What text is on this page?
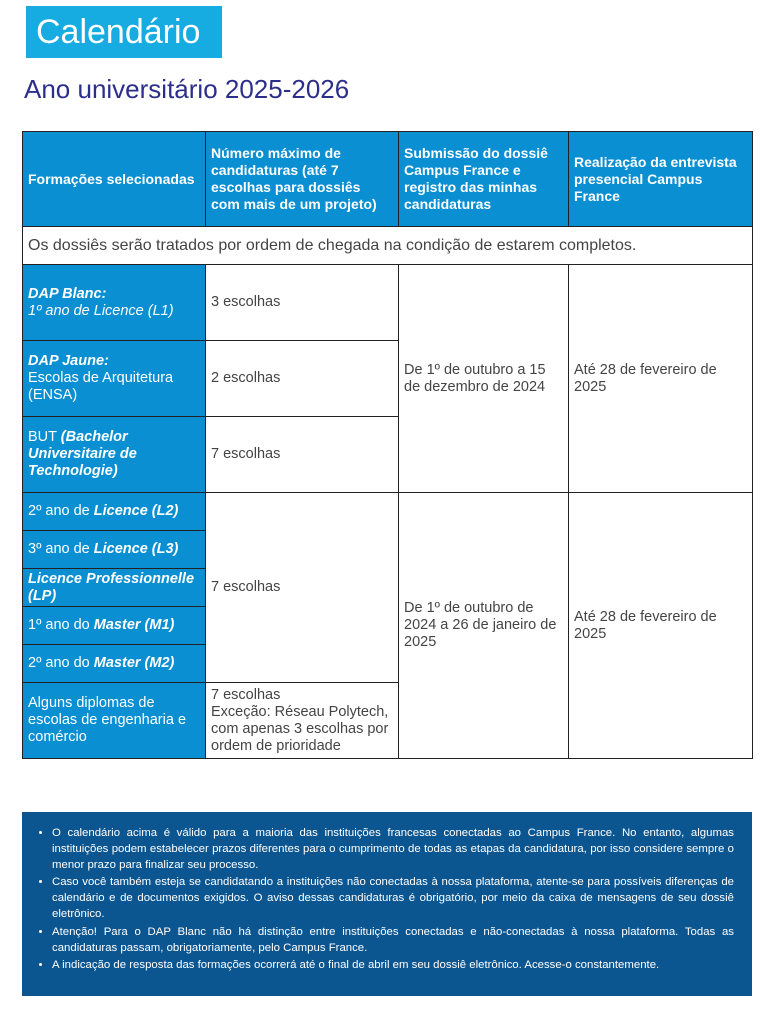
Calendário
Ano universitário 2025-2026
Formações selecionadas	Número máximo de candidaturas (até 7 escolhas para dossiês com mais de um projeto)	Submissão do dossiê Campus France e registro das minhas candidaturas	Realização da entrevista presencial Campus France
Os dossiês serão tratados por ordem de chegada na condição de estarem completos.			
DAP Blanc:
1º ano de Licence (L1)	3 escolhas	De 1º de outubro a 15 de dezembro de 2024	Até 28 de fevereiro de 2025
DAP Jaune:
Escolas de Arquitetura (ENSA)	2 escolhas		
BUT (Bachelor Universitaire de Technologie)	7 escolhas		
2º ano de Licence (L2)	7 escolhas	De 1º de outubro de 2024 a 26 de janeiro de 2025	Até 28 de fevereiro de 2025
3º ano de Licence (L3)			
Licence Professionnelle (LP)			
1º ano do Master (M1)			
2º ano do Master (M2)			
Alguns diplomas de escolas de engenharia e comércio	7 escolhas
Exceção: Réseau Polytech, com apenas 3 escolhas por ordem de prioridade		
• O calendário acima é válido para a maioria das instituições francesas conectadas ao Campus France. No entanto, algumas instituições podem estabelecer prazos diferentes para o cumprimento de todas as etapas da candidatura, por isso considere sempre o menor prazo para finalizar seu processo.
• Caso você também esteja se candidatando a instituições não conectadas à nossa plataforma, atente-se para possíveis diferenças de calendário e de documentos exigidos. O aviso dessas candidaturas é obrigatório, por meio da caixa de mensagens de seu dossiê eletrônico.
• Atenção! Para o DAP Blanc não há distinção entre instituições conectadas e não-conectadas à nossa plataforma. Todas as candidaturas passam, obrigatoriamente, pelo Campus France.
• A indicação de resposta das formações ocorrerá até o final de abril em seu dossiê eletrônico. Acesse-o constantemente.
